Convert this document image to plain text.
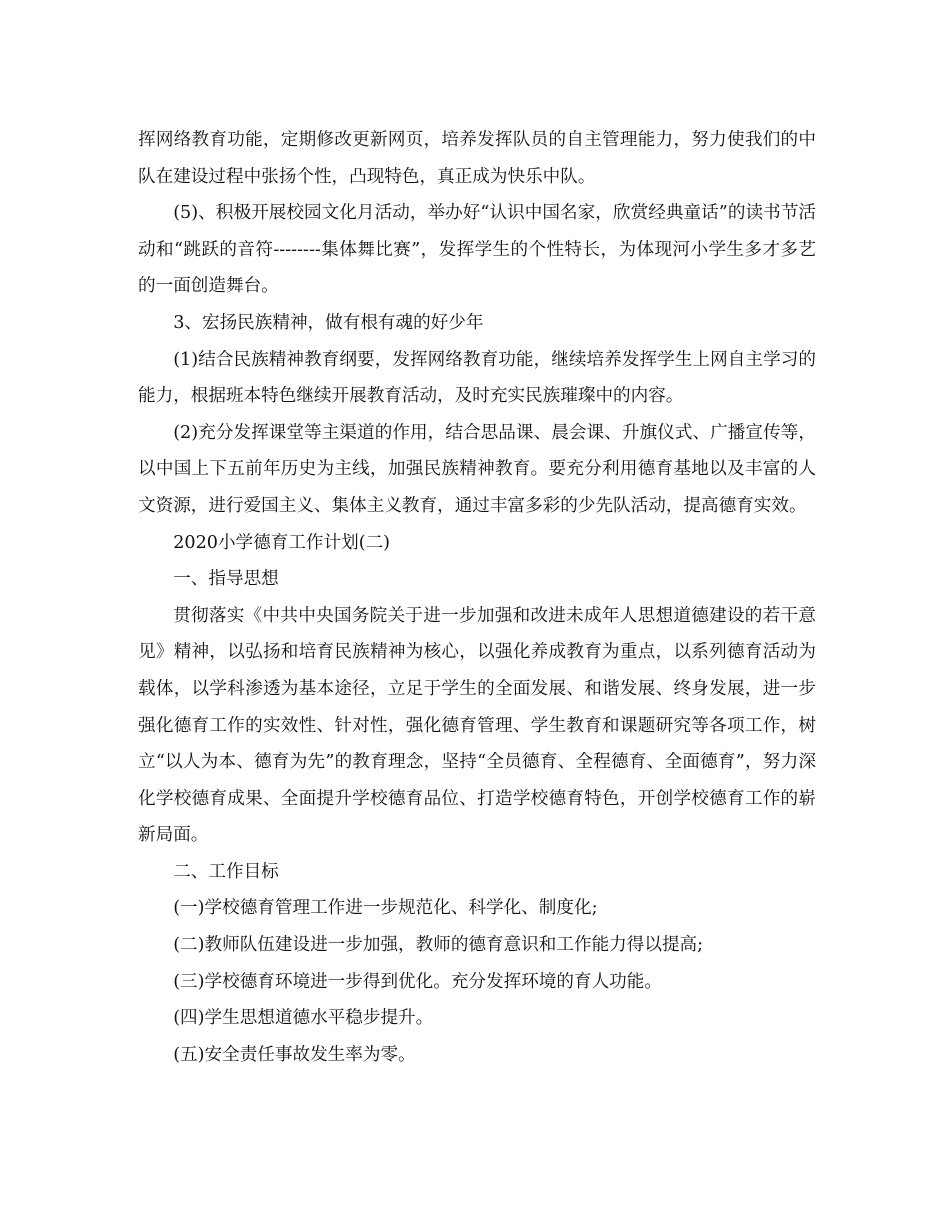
挥网络教育功能，定期修改更新网页，培养发挥队员的自主管理能力，努力使我们的中队在建设过程中张扬个性，凸现特色，真正成为快乐中队。

(5)、积极开展校园文化月活动，举办好“认识中国名家，欣赏经典童话”的读书节活动和“跳跃的音符--------集体舞比赛”，发挥学生的个性特长，为体现河小学生多才多艺的一面创造舞台。

3、宏扬民族精神，做有根有魂的好少年

(1)结合民族精神教育纲要，发挥网络教育功能，继续培养发挥学生上网自主学习的能力，根据班本特色继续开展教育活动，及时充实民族璀璨中的内容。

(2)充分发挥课堂等主渠道的作用，结合思品课、晨会课、升旗仪式、广播宣传等，以中国上下五前年历史为主线，加强民族精神教育。要充分利用德育基地以及丰富的人文资源，进行爱国主义、集体主义教育，通过丰富多彩的少先队活动，提高德育实效。

2020小学德育工作计划(二)

一、指导思想

贯彻落实《中共中央国务院关于进一步加强和改进未成年人思想道德建设的若干意见》精神，以弘扬和培育民族精神为核心，以强化养成教育为重点，以系列德育活动为载体，以学科渗透为基本途径，立足于学生的全面发展、和谐发展、终身发展，进一步强化德育工作的实效性、针对性，强化德育管理、学生教育和课题研究等各项工作，树立“以人为本、德育为先”的教育理念，坚持“全员德育、全程德育、全面德育”，努力深化学校德育成果、全面提升学校德育品位、打造学校德育特色，开创学校德育工作的崭新局面。

二、工作目标

(一)学校德育管理工作进一步规范化、科学化、制度化;

(二)教师队伍建设进一步加强，教师的德育意识和工作能力得以提高;

(三)学校德育环境进一步得到优化。充分发挥环境的育人功能。

(四)学生思想道德水平稳步提升。

(五)安全责任事故发生率为零。
